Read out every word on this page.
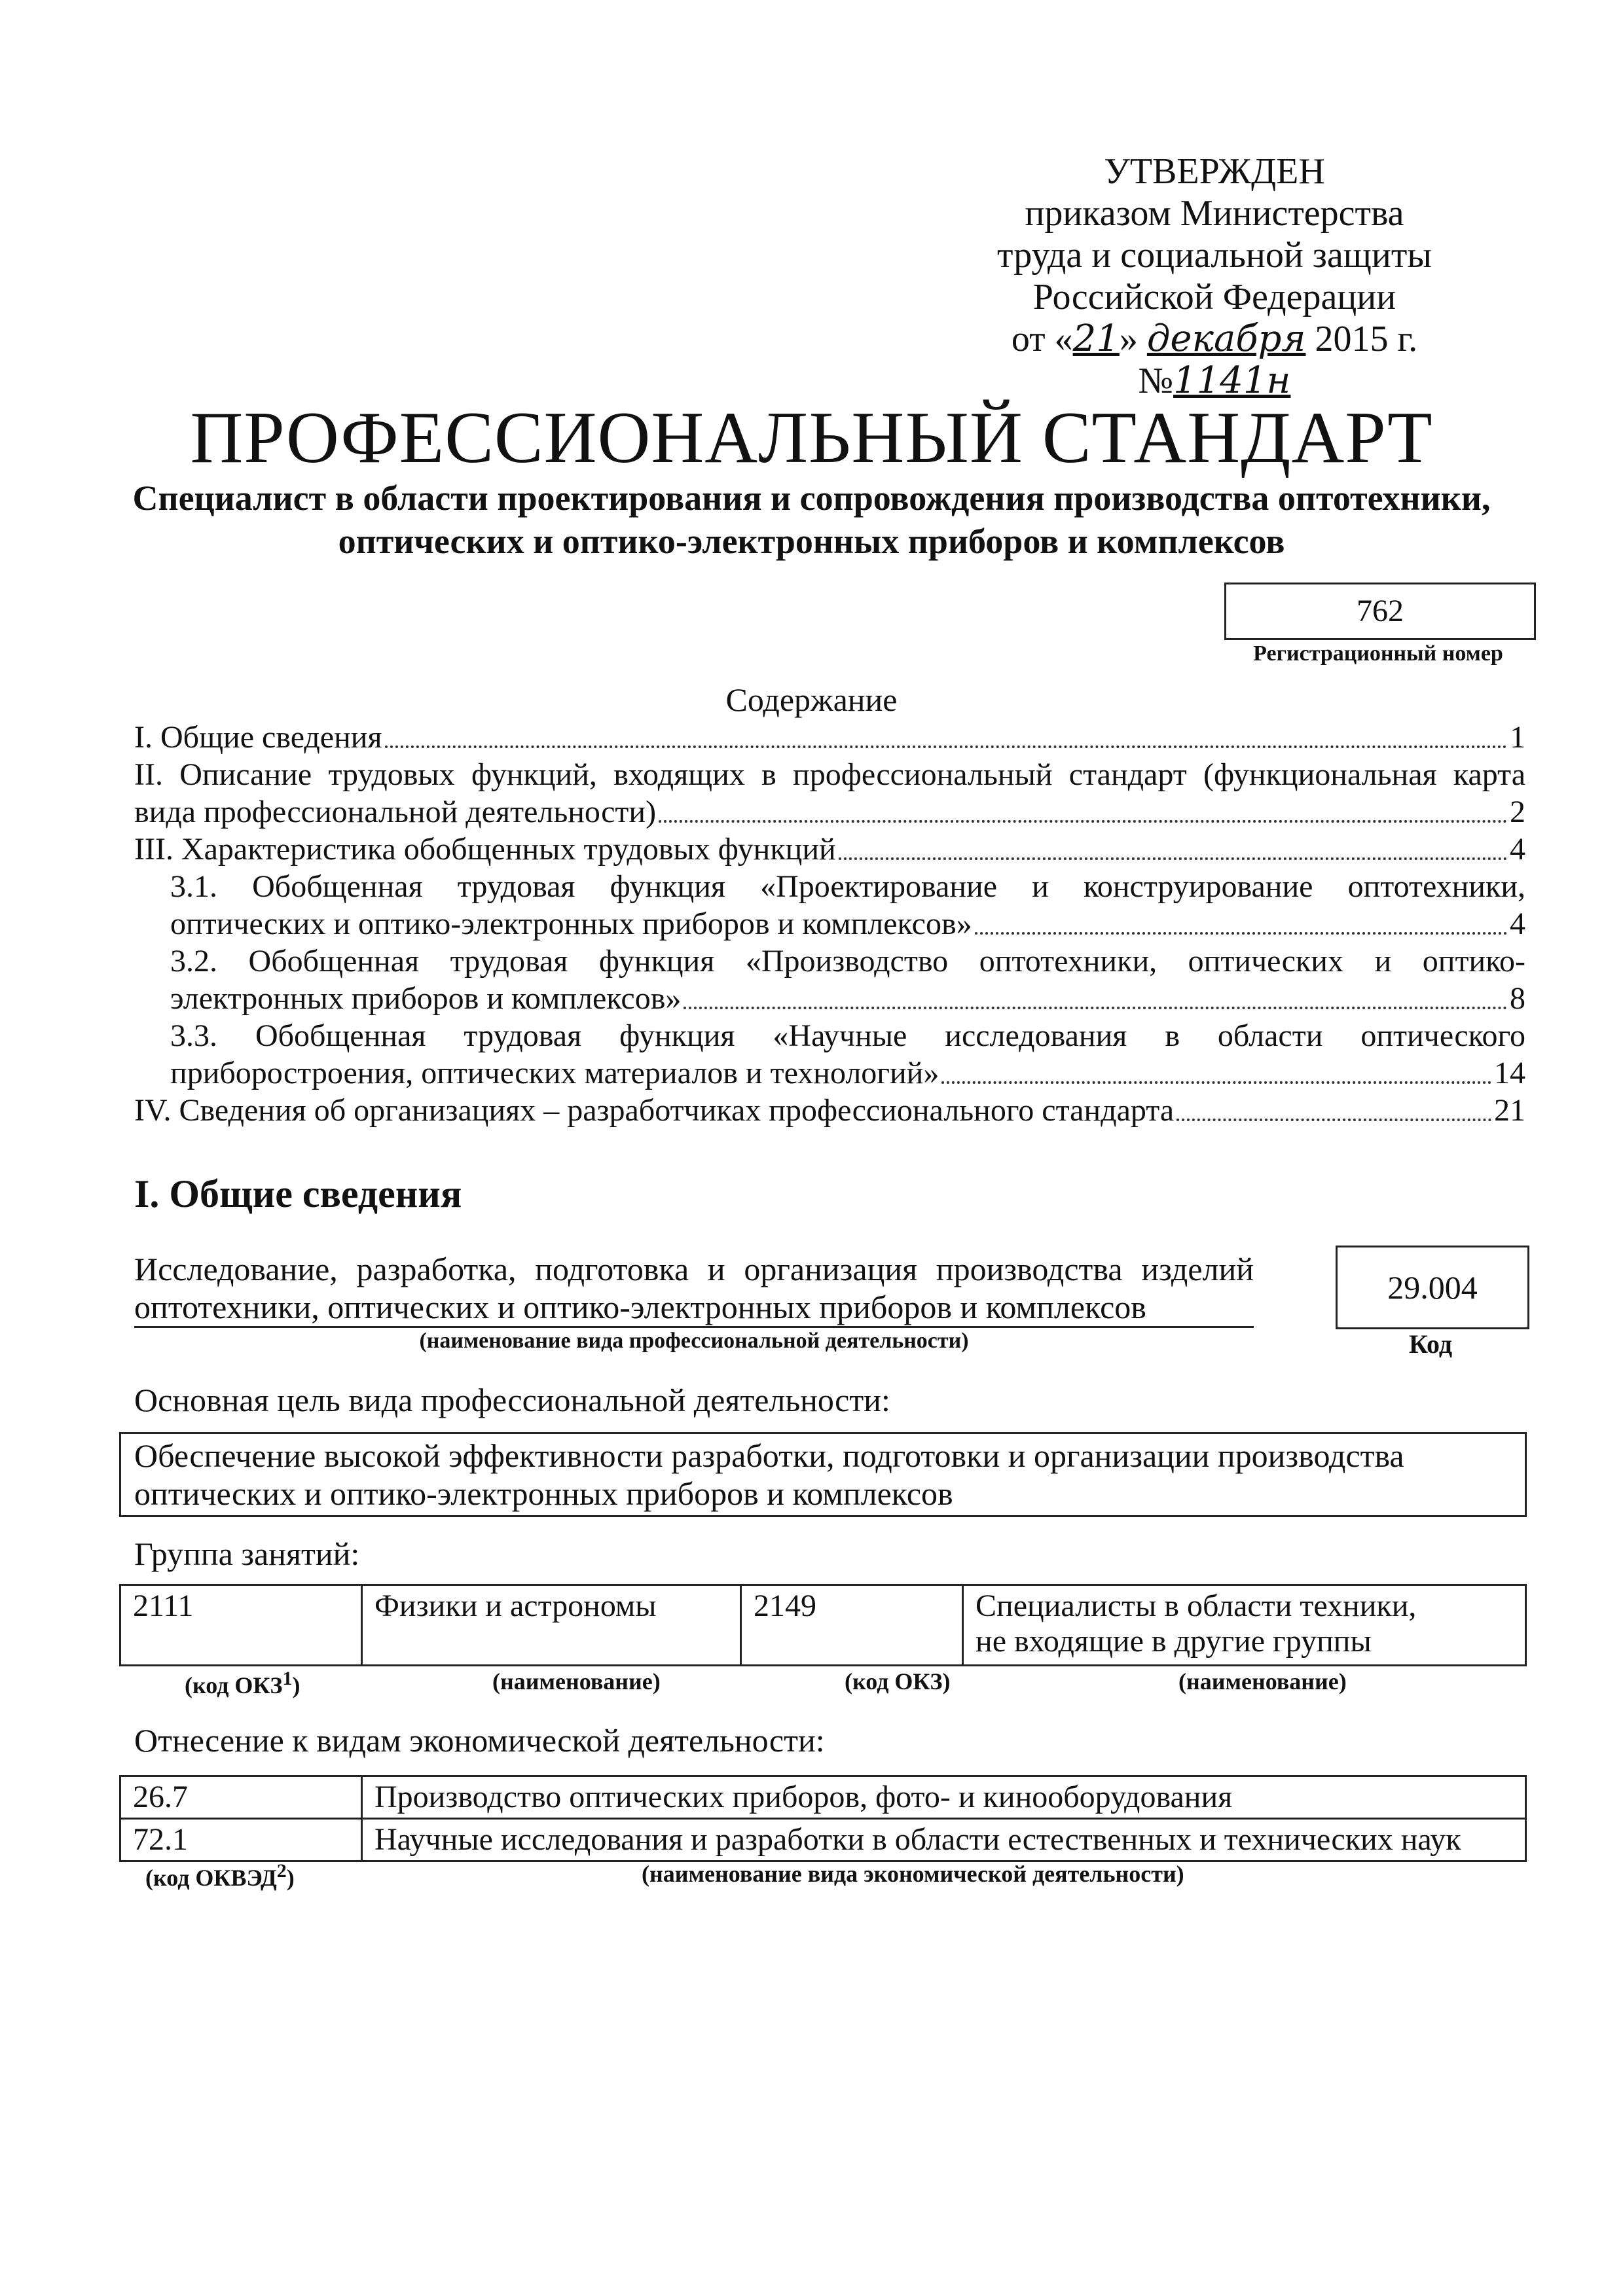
УТВЕРЖДЕН
приказом Министерства
труда и социальной защиты
Российской Федерации
от «21» декабря 2015 г. №1141н
ПРОФЕССИОНАЛЬНЫЙ СТАНДАРТ
Специалист в области проектирования и сопровождения производства оптотехники, оптических и оптико-электронных приборов и комплексов
762
Регистрационный номер
Содержание
I. Общие сведения	1
II. Описание трудовых функций, входящих в профессиональный стандарт (функциональная карта
вида профессиональной деятельности)	2
III. Характеристика обобщенных трудовых функций	4
3.1. Обобщенная трудовая функция «Проектирование и конструирование оптотехники,
оптических и оптико-электронных приборов и комплексов»	4
3.2. Обобщенная трудовая функция «Производство оптотехники, оптических и оптико-
электронных приборов и комплексов»	8
3.3. Обобщенная трудовая функция «Научные исследования в области оптического
приборостроения, оптических материалов и технологий»	14
IV. Сведения об организациях – разработчиках профессионального стандарта	21
I. Общие сведения
Исследование, разработка, подготовка и организация производства изделий
оптотехники, оптических и оптико-электронных приборов и комплексов
(наименование вида профессиональной деятельности)
29.004
Код
Основная цель вида профессиональной деятельности:
Обеспечение высокой эффективности разработки, подготовки и организации производства
оптических и оптико-электронных приборов и комплексов
Группа занятий:
2111	Физики и астрономы	2149	Специалисты в области техники,
не входящие в другие группы
(код ОКЗ$^1$)	(наименование)	(код ОКЗ)	(наименование)
Отнесение к видам экономической деятельности:
26.7	Производство оптических приборов, фото- и кинооборудования
72.1	Научные исследования и разработки в области естественных и технических наук
(код ОКВЭД$^2$)	(наименование вида экономической деятельности)
